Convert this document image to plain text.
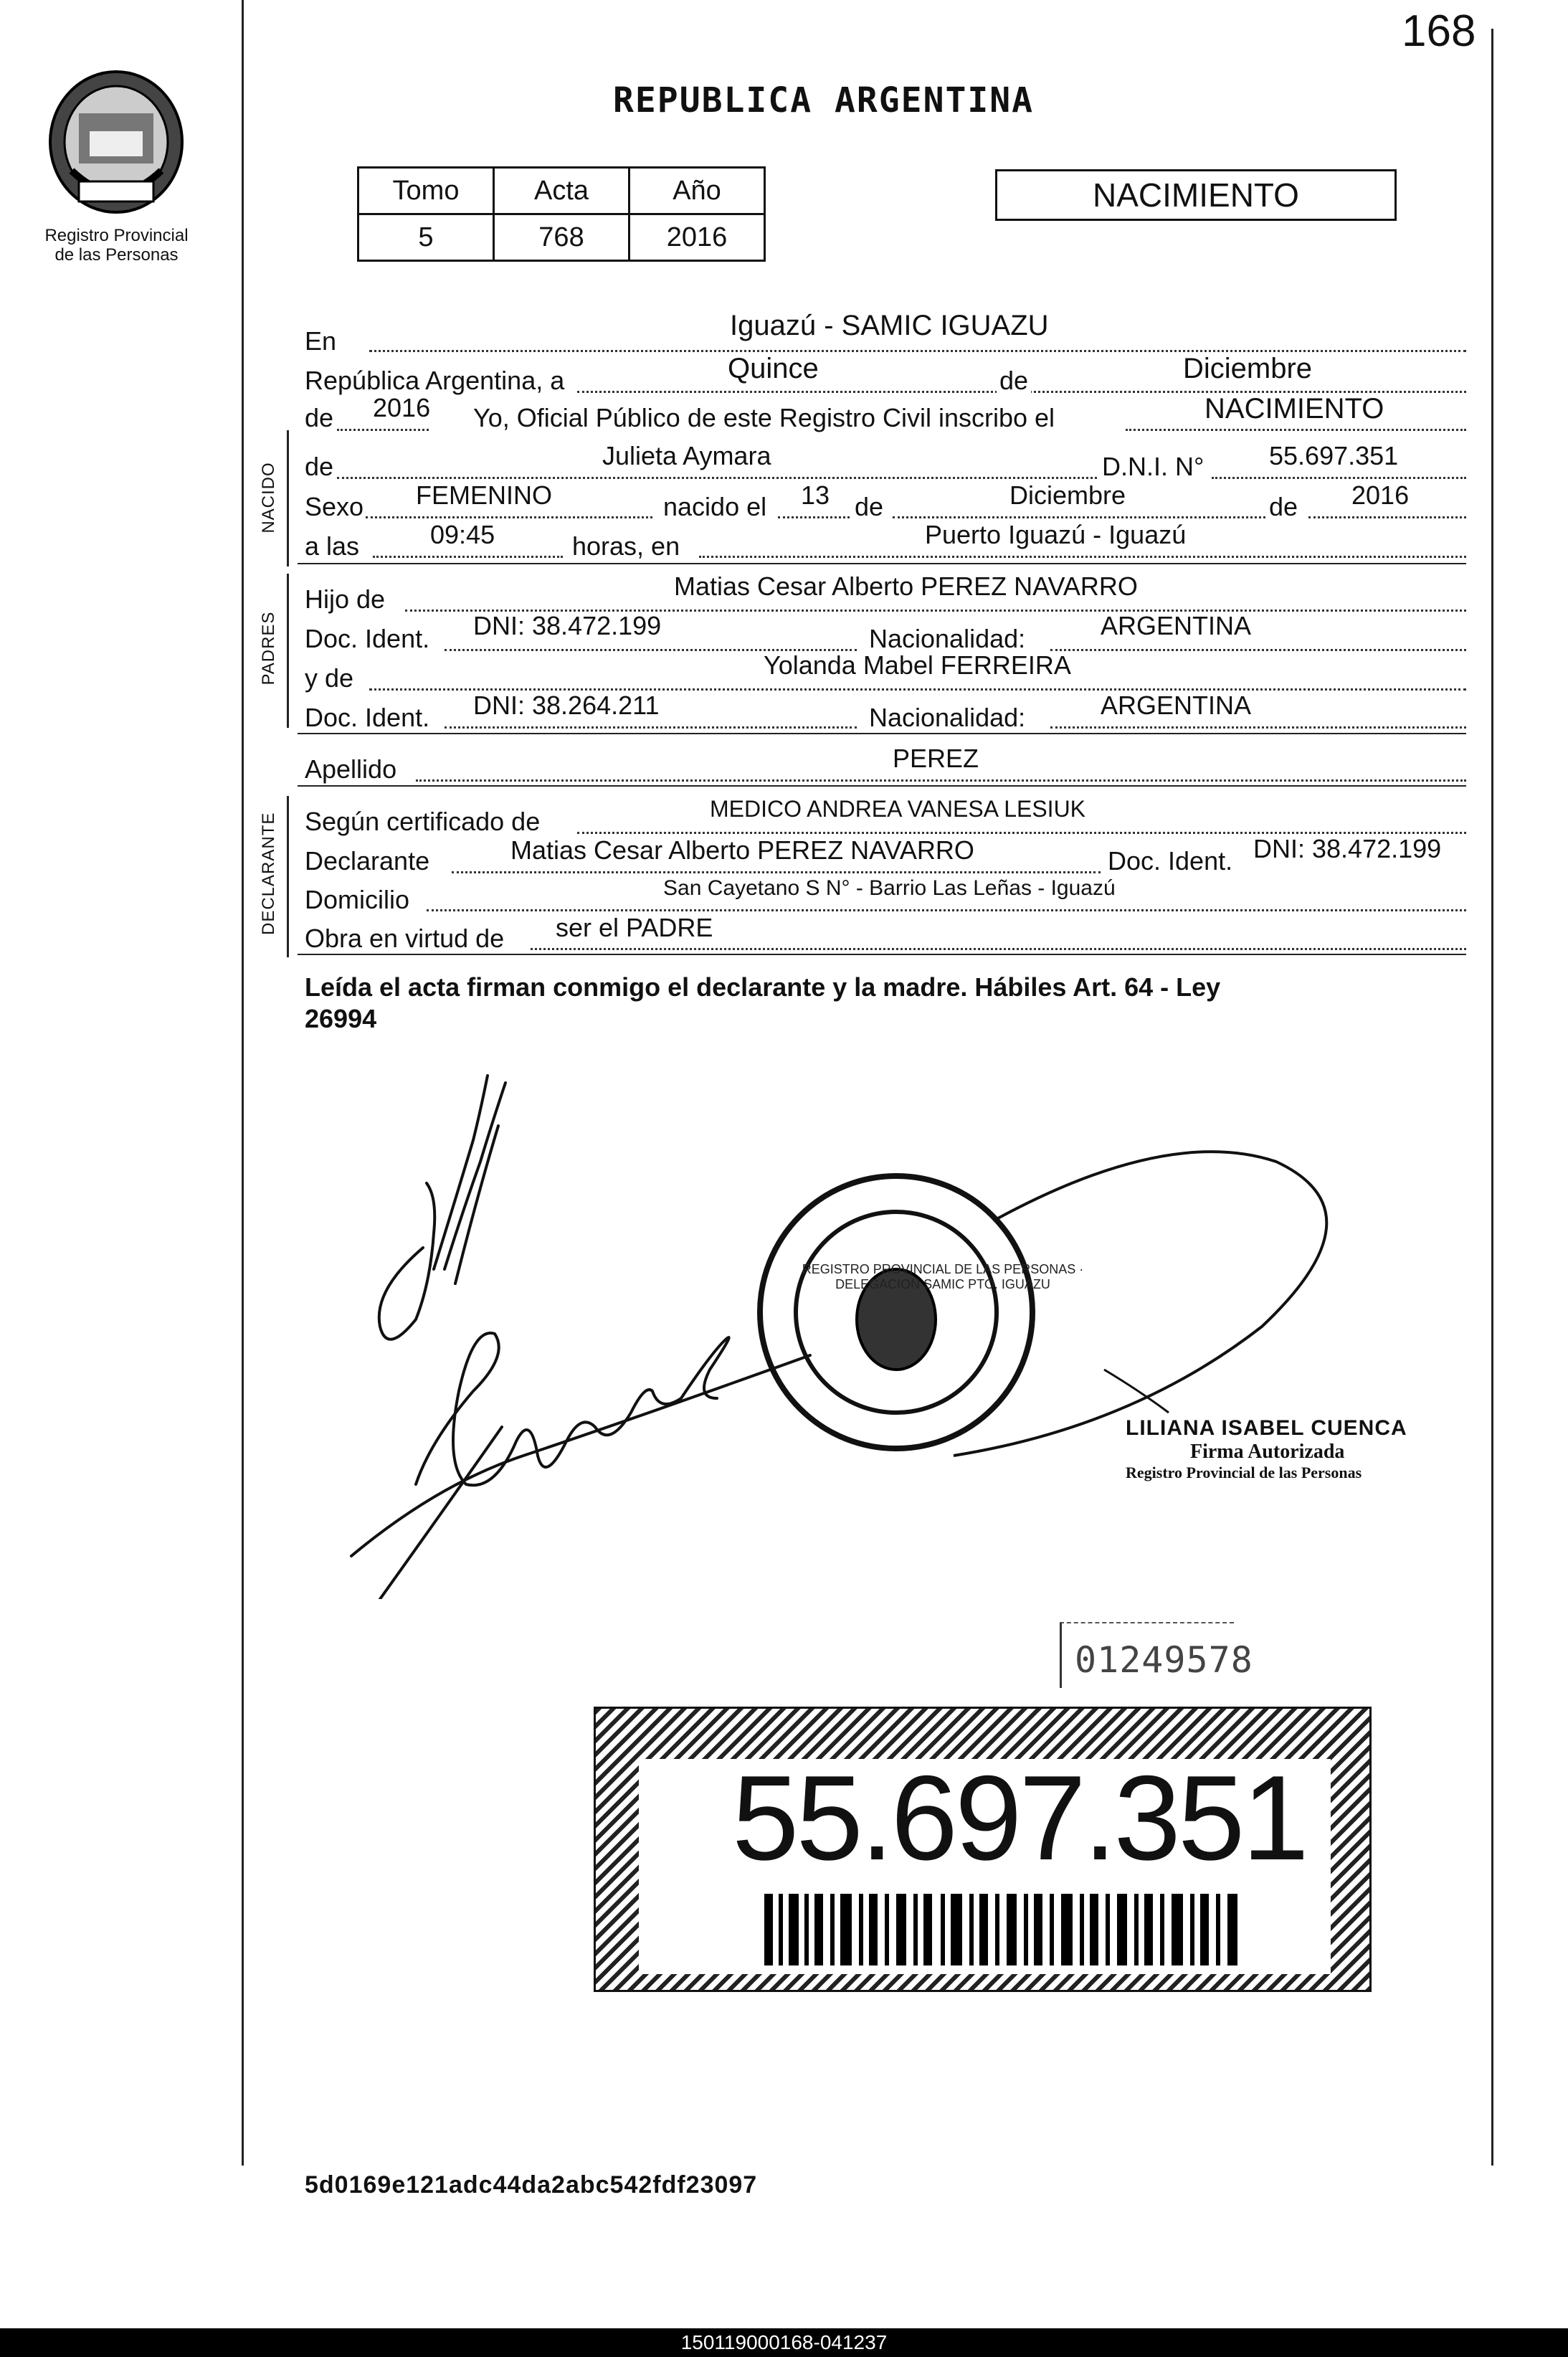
168
Registro Provincial
de las Personas
REPUBLICA ARGENTINA
Tomo	Acta	Año
5	768	2016
NACIMIENTO
En	Iguazú - SAMIC IGUAZU
República Argentina, a	Quince	de	Diciembre
de 2016 Yo, Oficial Público de este Registro Civil inscribo el	NACIMIENTO
NACIDO de	Julieta Aymara	D.N.I. N°	55.697.351
Sexo FEMENINO	nacido el 13 de	Diciembre	de 2016
a las	09:45	horas, en	Puerto Iguazú - Iguazú
PADRES
Hijo de	Matias Cesar Alberto PEREZ NAVARRO
Doc. Ident. DNI: 38.472.199	Nacionalidad:	ARGENTINA
y de	Yolanda Mabel FERREIRA
Doc. Ident. DNI: 38.264.211	Nacionalidad:	ARGENTINA
Apellido	PEREZ
DECLARANTE Según certificado de	MEDICO ANDREA VANESA LESIUK
Declarante	Matias Cesar Alberto PEREZ NAVARRO	Doc. Ident. DNI: 38.472.199
Domicilio	San Cayetano S N° - Barrio Las Leñas - Iguazú
Obra en virtud de ser el PADRE
Leída el acta firman conmigo el declarante y la madre. Hábiles Art. 64 - Ley
26994
REGISTRO PROVINCIAL DE LAS PERSONAS · DELEGACION SAMIC PTO. IGUAZU
LILIANA ISABEL CUENCA
Firma Autorizada
Registro Provincial de las Personas
01249578
55.697.351
5d0169e121adc44da2abc542fdf23097
150119000168-041237
